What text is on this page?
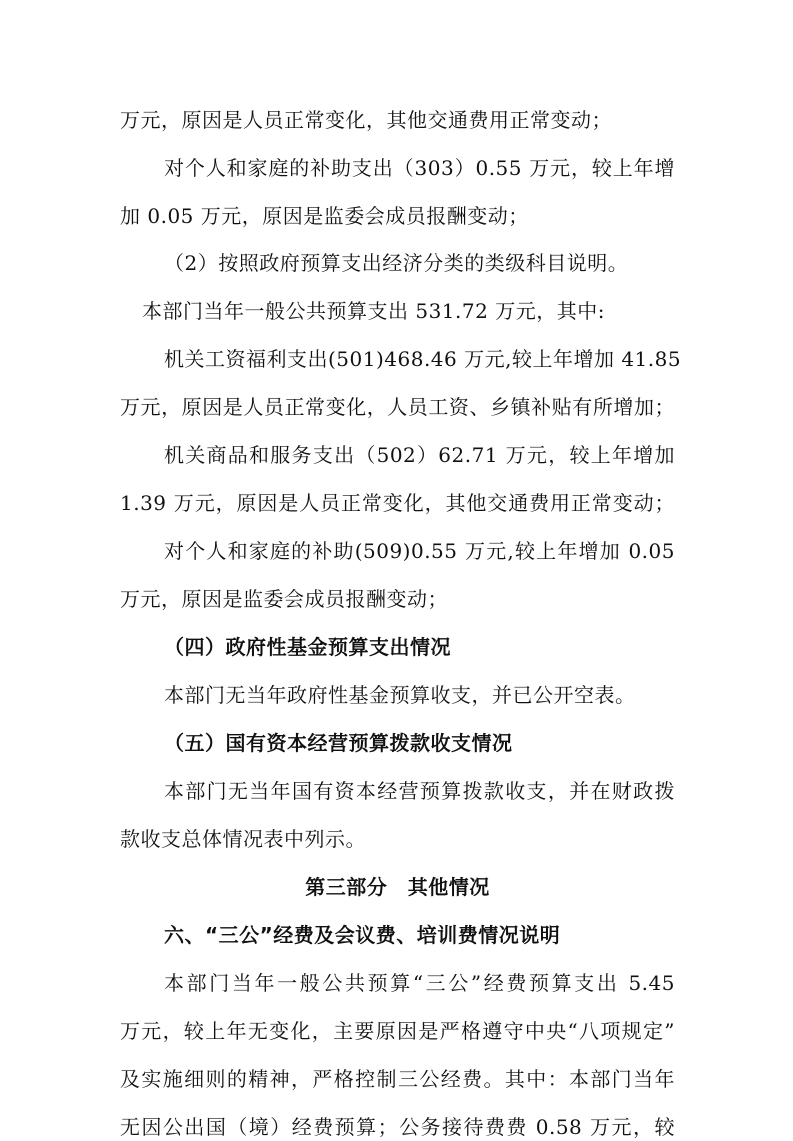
万元，原因是人员正常变化，其他交通费用正常变动；
对个人和家庭的补助支出（303）0.55 万元，较上年增
加 0.05 万元，原因是监委会成员报酬变动；
（2）按照政府预算支出经济分类的类级科目说明。
本部门当年一般公共预算支出 531.72 万元，其中:
机关工资福利支出(501)468.46 万元,较上年增加 41.85
万元，原因是人员正常变化，人员工资、乡镇补贴有所增加；
机关商品和服务支出（502）62.71 万元，较上年增加
1.39 万元，原因是人员正常变化，其他交通费用正常变动；
对个人和家庭的补助(509)0.55 万元,较上年增加 0.05
万元，原因是监委会成员报酬变动；
（四）政府性基金预算支出情况
本部门无当年政府性基金预算收支，并已公开空表。
（五）国有资本经营预算拨款收支情况
本部门无当年国有资本经营预算拨款收支，并在财政拨
款收支总体情况表中列示。
第三部分　其他情况
六、“三公”经费及会议费、培训费情况说明
本部门当年一般公共预算“三公”经费预算支出 5.45
万元，较上年无变化，主要原因是严格遵守中央“八项规定”
及实施细则的精神，严格控制三公经费。其中：本部门当年
无因公出国（境）经费预算；公务接待费费 0.58 万元，较
